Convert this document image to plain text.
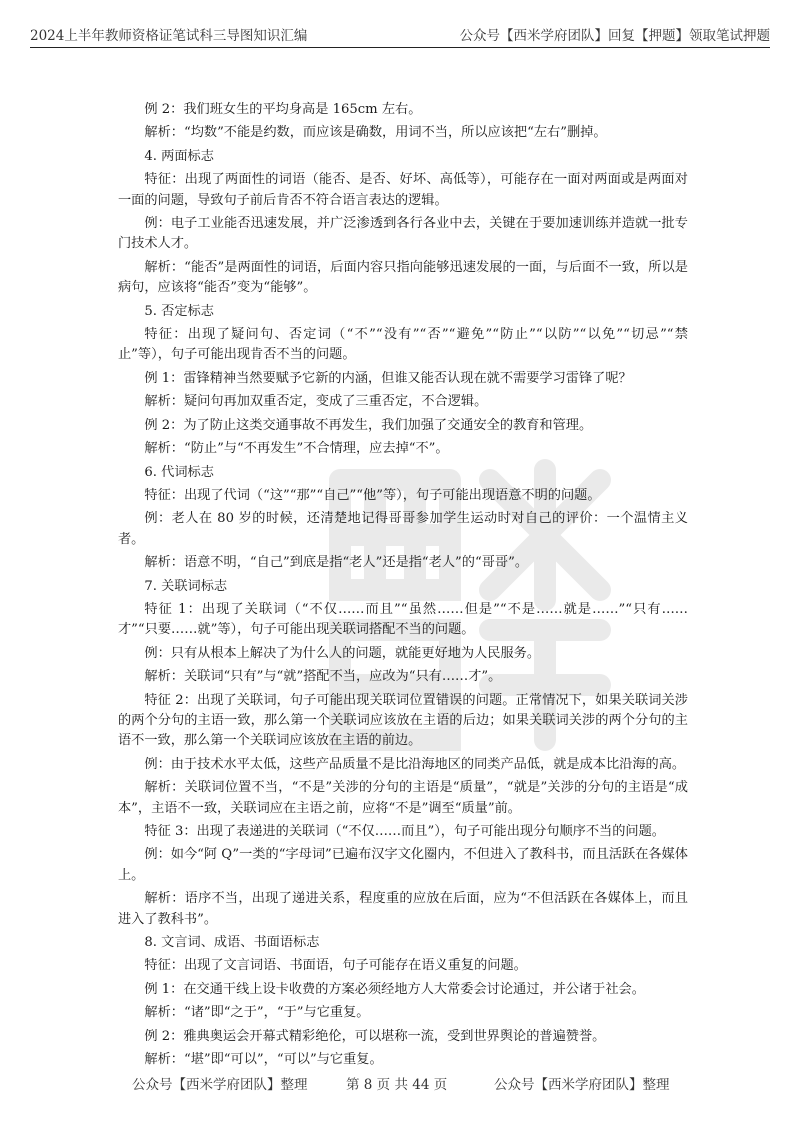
2024上半年教师资格证笔试科三导图知识汇编	公众号【西米学府团队】回复【押题】领取笔试押题

例 2：我们班女生的平均身高是 165cm 左右。

解析：“均数”不能是约数，而应该是确数，用词不当，所以应该把“左右”删掉。

4. 两面标志

特征：出现了两面性的词语（能否、是否、好坏、高低等），可能存在一面对两面或是两面对一面的问题，导致句子前后肯否不符合语言表达的逻辑。

例：电子工业能否迅速发展，并广泛渗透到各行各业中去，关键在于要加速训练并造就一批专门技术人才。

解析：“能否”是两面性的词语，后面内容只指向能够迅速发展的一面，与后面不一致，所以是病句，应该将“能否”变为“能够”。

5. 否定标志

特征：出现了疑问句、否定词（“不”“没有”“否”“避免”“防止”“以防”“以免”“切忌”“禁止”等），句子可能出现肯否不当的问题。

例 1：雷锋精神当然要赋予它新的内涵，但谁又能否认现在就不需要学习雷锋了呢？

解析：疑问句再加双重否定，变成了三重否定，不合逻辑。

例 2：为了防止这类交通事故不再发生，我们加强了交通安全的教育和管理。

解析：“防止”与“不再发生”不合情理，应去掉“不”。

6. 代词标志

特征：出现了代词（“这”“那”“自己”“他”等），句子可能出现语意不明的问题。

例：老人在 80 岁的时候，还清楚地记得哥哥参加学生运动时对自己的评价：一个温情主义者。

解析：语意不明，“自己”到底是指“老人”还是指“老人”的“哥哥”。

7. 关联词标志

特征 1：出现了关联词（“不仅……而且”“虽然……但是”“不是……就是……”“只有……才”“只要……就”等），句子可能出现关联词搭配不当的问题。

例：只有从根本上解决了为什么人的问题，就能更好地为人民服务。

解析：关联词“只有”与“就”搭配不当，应改为“只有……才”。

特征 2：出现了关联词，句子可能出现关联词位置错误的问题。正常情况下，如果关联词关涉的两个分句的主语一致，那么第一个关联词应该放在主语的后边；如果关联词关涉的两个分句的主语不一致，那么第一个关联词应该放在主语的前边。

例：由于技术水平太低，这些产品质量不是比沿海地区的同类产品低，就是成本比沿海的高。

解析：关联词位置不当，“不是”关涉的分句的主语是“质量”，“就是”关涉的分句的主语是“成本”，主语不一致，关联词应在主语之前，应将“不是”调至“质量”前。

特征 3：出现了表递进的关联词（“不仅……而且”），句子可能出现分句顺序不当的问题。

例：如今“阿 Q”一类的“字母词”已遍布汉字文化圈内，不但进入了教科书，而且活跃在各媒体上。

解析：语序不当，出现了递进关系，程度重的应放在后面，应为“不但活跃在各媒体上，而且进入了教科书”。

8. 文言词、成语、书面语标志

特征：出现了文言词语、书面语，句子可能存在语义重复的问题。

例 1：在交通干线上设卡收费的方案必须经地方人大常委会讨论通过，并公诸于社会。

解析：“诸”即“之于”，“于”与它重复。

例 2：雅典奥运会开幕式精彩绝伦，可以堪称一流，受到世界舆论的普遍赞誉。

解析：“堪”即“可以”，“可以”与它重复。

公众号【西米学府团队】整理	第 8 页 共 44 页	公众号【西米学府团队】整理
